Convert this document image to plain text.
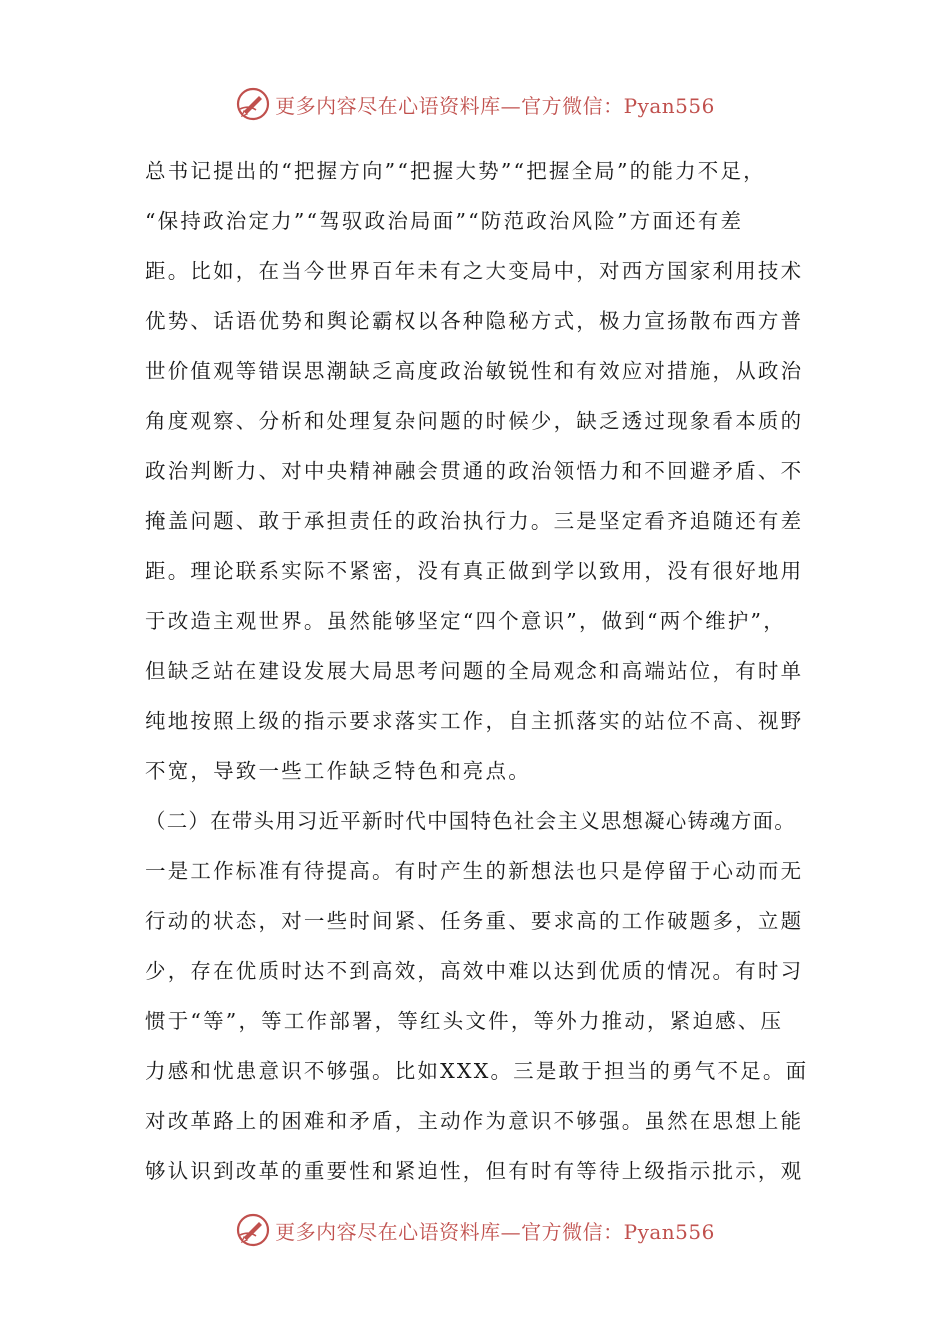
更多内容尽在心语资料库—官方微信：Pyan556
总书记提出的“把握方向”“把握大势”“把握全局”的能力不足，
“保持政治定力”“驾驭政治局面”“防范政治风险”方面还有差
距。比如，在当今世界百年未有之大变局中，对西方国家利用技术
优势、话语优势和舆论霸权以各种隐秘方式，极力宣扬散布西方普
世价值观等错误思潮缺乏高度政治敏锐性和有效应对措施，从政治
角度观察、分析和处理复杂问题的时候少，缺乏透过现象看本质的
政治判断力、对中央精神融会贯通的政治领悟力和不回避矛盾、不
掩盖问题、敢于承担责任的政治执行力。三是坚定看齐追随还有差
距。理论联系实际不紧密，没有真正做到学以致用，没有很好地用
于改造主观世界。虽然能够坚定“四个意识”，做到“两个维护”，
但缺乏站在建设发展大局思考问题的全局观念和高端站位，有时单
纯地按照上级的指示要求落实工作，自主抓落实的站位不高、视野
不宽，导致一些工作缺乏特色和亮点。
（二）在带头用习近平新时代中国特色社会主义思想凝心铸魂方面。
一是工作标准有待提高。有时产生的新想法也只是停留于心动而无
行动的状态，对一些时间紧、任务重、要求高的工作破题多，立题
少，存在优质时达不到高效，高效中难以达到优质的情况。有时习
惯于“等”，等工作部署，等红头文件，等外力推动，紧迫感、压
力感和忧患意识不够强。比如XXX。三是敢于担当的勇气不足。面
对改革路上的困难和矛盾，主动作为意识不够强。虽然在思想上能
够认识到改革的重要性和紧迫性，但有时有等待上级指示批示，观
更多内容尽在心语资料库—官方微信：Pyan556
